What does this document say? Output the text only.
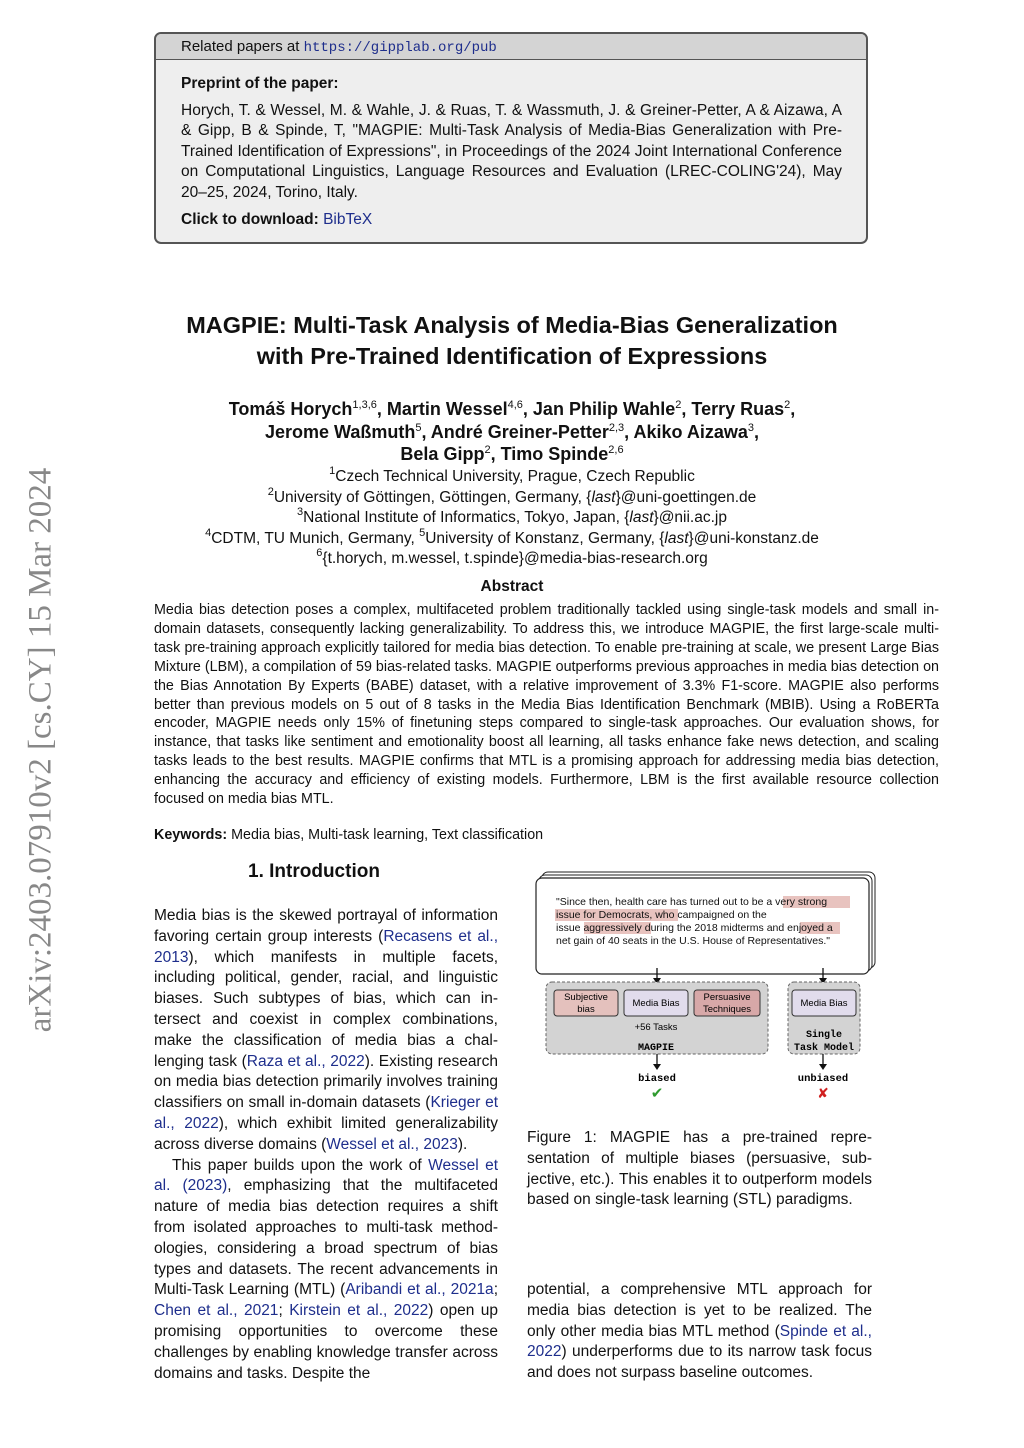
Related papers at https://gipplab.org/pub
Preprint of the paper:
Horych, T. & Wessel, M. & Wahle, J. & Ruas, T. & Wassmuth, J. & Greiner-Petter, A & Aizawa, A & Gipp, B & Spinde, T, "MAGPIE: Multi-Task Analysis of Media-Bias Generalization with Pre-Trained Identification of Expressions", in Proceedings of the 2024 Joint International Conference on Computational Linguistics, Language Resources and Evaluation (LREC-COLING'24), May 20–25, 2024, Torino, Italy.
Click to download: BibTeX
arXiv:2403.07910v2 [cs.CY] 15 Mar 2024
MAGPIE: Multi-Task Analysis of Media-Bias Generalization
with Pre-Trained Identification of Expressions
Tomáš Horych$^{1,3,6}$, Martin Wessel$^{4,6}$, Jan Philip Wahle$^2$, Terry Ruas$^2$,
Jerome Waßmuth$^5$, André Greiner-Petter$^{2,3}$, Akiko Aizawa$^3$,
Bela Gipp$^2$, Timo Spinde$^{2,6}$
$^1$Czech Technical University, Prague, Czech Republic
$^2$University of Göttingen, Göttingen, Germany, {last}@uni-goettingen.de
$^3$National Institute of Informatics, Tokyo, Japan, {last}@nii.ac.jp
$^4$CDTM, TU Munich, Germany, $^5$University of Konstanz, Germany, {last}@uni-konstanz.de
$^6${t.horych, m.wessel, t.spinde}@media-bias-research.org
Abstract
Media bias detection poses a complex, multifaceted problem traditionally tackled using single-task models and small in-domain datasets, consequently lacking generalizability. To address this, we introduce MAGPIE, the first large-scale multi-task pre-training approach explicitly tailored for media bias detection. To enable pre-training at scale, we present Large Bias Mixture (LBM), a compilation of 59 bias-related tasks. MAGPIE outperforms previous approaches in media bias detection on the Bias Annotation By Experts (BABE) dataset, with a relative improvement of 3.3% F1-score. MAGPIE also performs better than previous models on 5 out of 8 tasks in the Media Bias Identification Benchmark (MBIB). Using a RoBERTa encoder, MAGPIE needs only 15% of finetuning steps compared to single-task approaches. Our evaluation shows, for instance, that tasks like sentiment and emotionality boost all learning, all tasks enhance fake news detection, and scaling tasks leads to the best results. MAGPIE confirms that MTL is a promising approach for addressing media bias detection, enhancing the accuracy and efficiency of existing models. Furthermore, LBM is the first available resource collection focused on media bias MTL.
Keywords: Media bias, Multi-task learning, Text classification
1. Introduction

Media bias is the skewed portrayal of information favoring certain group interests (Recasens et al., 2013), which manifests in multiple facets, including political, gender, racial, and linguistic biases. Such subtypes of bias, which can intersect and coexist in complex combinations, make the classification of media bias a challenging task (Raza et al., 2022). Existing research on media bias detection primarily involves training classifiers on small in-domain datasets (Krieger et al., 2022), which exhibit limited generalizability across diverse domains (Wessel et al., 2023).

This paper builds upon the work of Wessel et al. (2023), emphasizing that the multifaceted nature of media bias detection requires a shift from isolated approaches to multi-task methodologies, considering a broad spectrum of bias types and datasets. The recent advancements in Multi-Task Learning (MTL) (Aribandi et al., 2021a; Chen et al., 2021; Kirstein et al., 2022) open up promising opportunities to overcome these challenges by enabling knowledge transfer across domains and tasks. Despite the

"Since then, health care has turned out to be a very strong
issue for Democrats, who campaigned on the
issue aggressively during the 2018 midterms and enjoyed a
net gain of 40 seats in the U.S. House of Representatives."
Subjective
bias
Media Bias
Persuasive
Techniques
+56 Tasks
MAGPIE
Media Bias
Single
Task Model
biased	unbiased
✔	✘
Figure 1: MAGPIE has a pre-trained representation of multiple biases (persuasive, subjective, etc.). This enables it to outperform models based on single-task learning (STL) paradigms.

potential, a comprehensive MTL approach for media bias detection is yet to be realized. The only other media bias MTL method (Spinde et al., 2022) underperforms due to its narrow task focus and does not surpass baseline outcomes.
